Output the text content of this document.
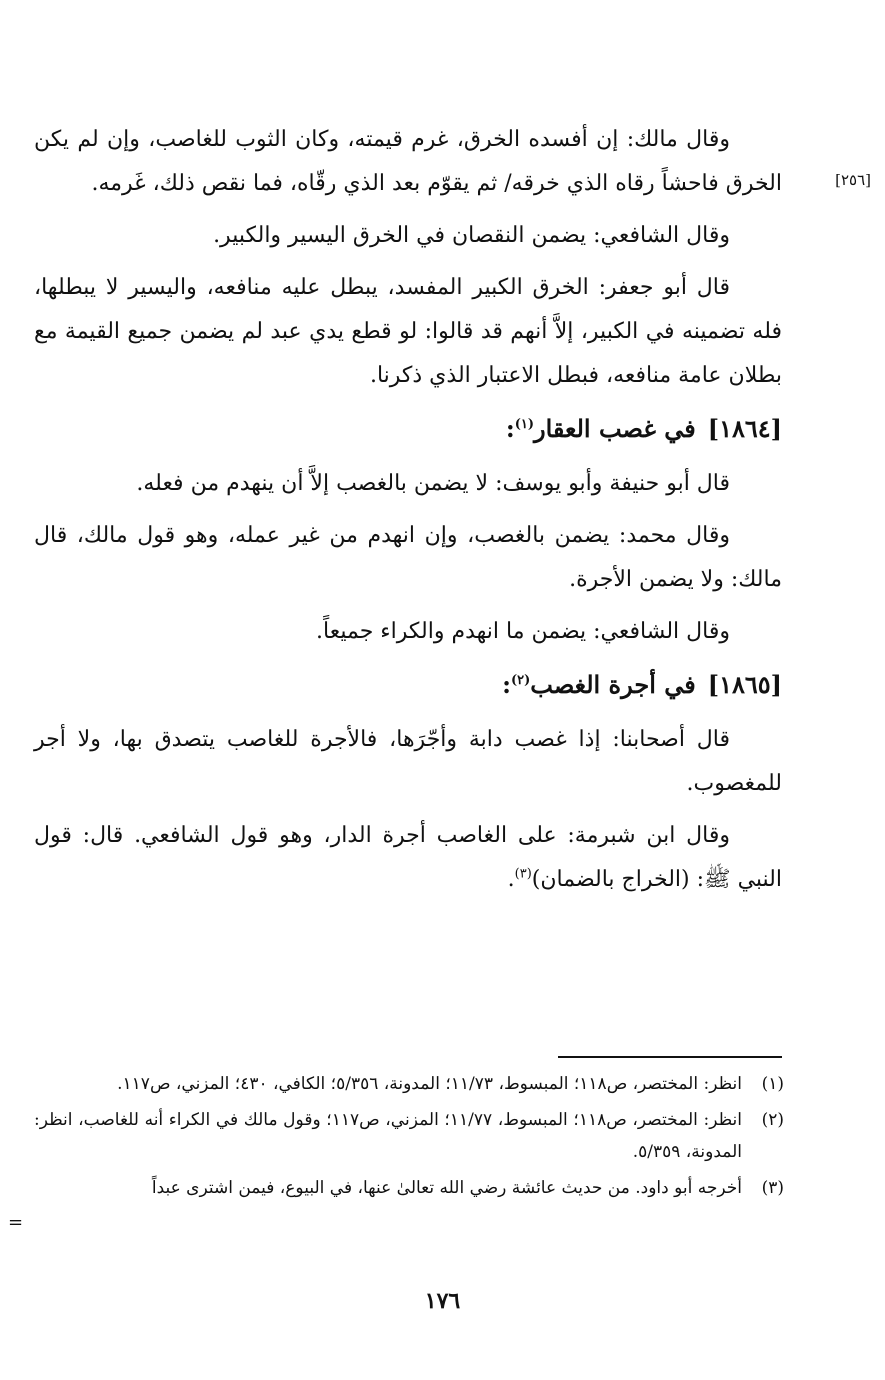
[٢٥٦]

وقال مالك: إن أفسده الخرق، غرم قيمته، وكان الثوب للغاصب، وإن لم يكن الخرق فاحشاً رقاه الذي خرقه/ ثم يقوّم بعد الذي رقّاه، فما نقص ذلك، غَرمه.

وقال الشافعي: يضمن النقصان في الخرق اليسير والكبير.

قال أبو جعفر: الخرق الكبير المفسد، يبطل عليه منافعه، واليسير لا يبطلها، فله تضمينه في الكبير، إلاَّ أنهم قد قالوا: لو قطع يدي عبد لم يضمن جميع القيمة مع بطلان عامة منافعه، فبطل الاعتبار الذي ذكرنا.

[١٨٦٤]في غصب العقار$^{(١)}$:

قال أبو حنيفة وأبو يوسف: لا يضمن بالغصب إلاَّ أن ينهدم من فعله.

وقال محمد: يضمن بالغصب، وإن انهدم من غير عمله، وهو قول مالك، قال مالك: ولا يضمن الأجرة.

وقال الشافعي: يضمن ما انهدم والكراء جميعاً.

[١٨٦٥]في أجرة الغصب$^{(٢)}$:

قال أصحابنا: إذا غصب دابة وأجّرَها، فالأجرة للغاصب يتصدق بها، ولا أجر للمغصوب.

وقال ابن شبرمة: على الغاصب أجرة الدار، وهو قول الشافعي. قال: قول النبي ﷺ: (الخراج بالضمان)$^{(٣)}$.

(١)
انظر: المختصر، ص١١٨؛ المبسوط، ١١/٧٣؛ المدونة، ٥/٣٥٦؛ الكافي، ٤٣٠؛ المزني، ص١١٧.
(٢)
انظر: المختصر، ص١١٨؛ المبسوط، ١١/٧٧؛ المزني، ص١١٧؛ وقول مالك في الكراء أنه للغاصب، انظر: المدونة، ٥/٣٥٩.
(٣)
أخرجه أبو داود. من حديث عائشة رضي الله تعالىٰ عنها، في البيوع، فيمن اشترى عبداً
=
١٧٦
